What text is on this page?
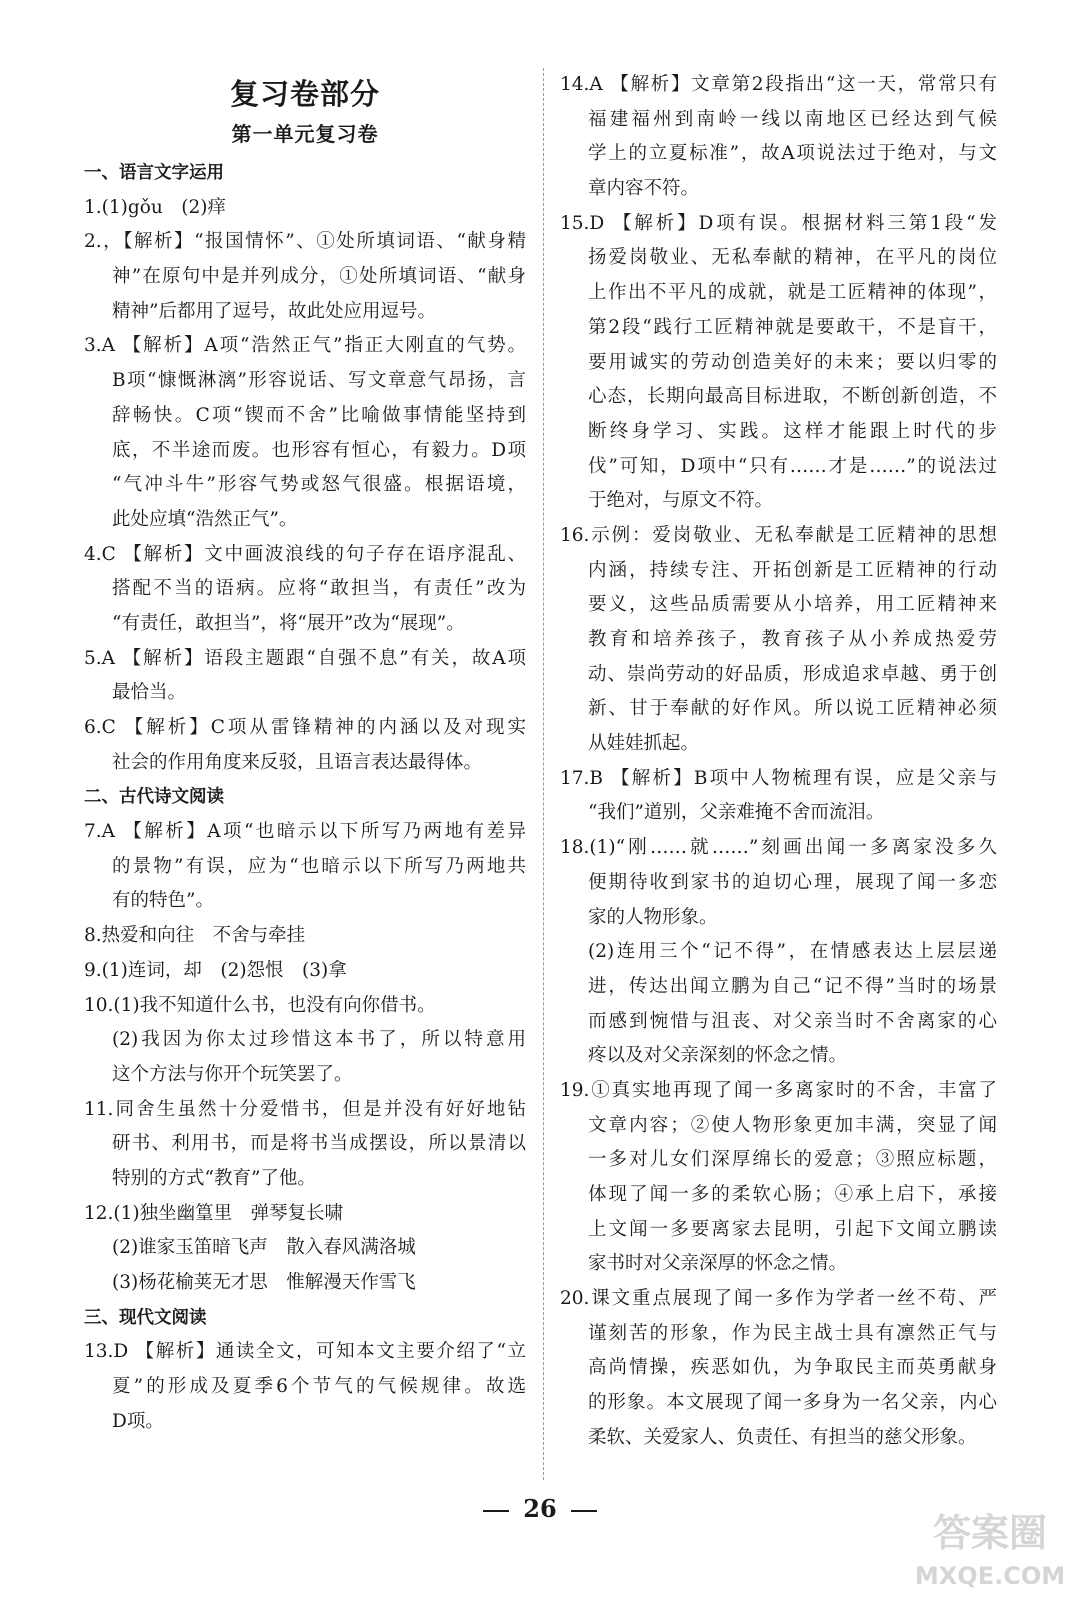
复习卷部分
第一单元复习卷
一、语言文字运用
1.(1)gǒu　(2)痒
2.，【解析】“报国情怀”、①处所填词语、“献身精
神”在原句中是并列成分，①处所填词语、“献身
精神”后都用了逗号，故此处应用逗号。
3.A 【解析】A项“浩然正气”指正大刚直的气势。
B项“慷慨淋漓”形容说话、写文章意气昂扬，言
辞畅快。C项“锲而不舍”比喻做事情能坚持到
底，不半途而废。也形容有恒心，有毅力。D项
“气冲斗牛”形容气势或怒气很盛。根据语境，
此处应填“浩然正气”。
4.C 【解析】文中画波浪线的句子存在语序混乱、
搭配不当的语病。应将“敢担当，有责任”改为
“有责任，敢担当”，将“展开”改为“展现”。
5.A 【解析】语段主题跟“自强不息”有关，故A项
最恰当。
6.C 【解析】C项从雷锋精神的内涵以及对现实
社会的作用角度来反驳，且语言表达最得体。
二、古代诗文阅读
7.A 【解析】A项“也暗示以下所写乃两地有差异
的景物”有误，应为“也暗示以下所写乃两地共
有的特色”。
8.热爱和向往　不舍与牵挂
9.(1)连词，却　(2)怨恨　(3)拿
10.(1)我不知道什么书，也没有向你借书。
(2)我因为你太过珍惜这本书了，所以特意用
这个方法与你开个玩笑罢了。
11.同舍生虽然十分爱惜书，但是并没有好好地钻
研书、利用书，而是将书当成摆设，所以景清以
特别的方式“教育”了他。
12.(1)独坐幽篁里　弹琴复长啸
(2)谁家玉笛暗飞声　散入春风满洛城
(3)杨花榆荚无才思　惟解漫天作雪飞
三、现代文阅读
13.D 【解析】通读全文，可知本文主要介绍了“立
夏”的形成及夏季6个节气的气候规律。故选
D项。
14.A 【解析】文章第2段指出“这一天，常常只有
福建福州到南岭一线以南地区已经达到气候
学上的立夏标准”，故A项说法过于绝对，与文
章内容不符。
15.D 【解析】D项有误。根据材料三第1段“发
扬爱岗敬业、无私奉献的精神，在平凡的岗位
上作出不平凡的成就，就是工匠精神的体现”，
第2段“践行工匠精神就是要敢干，不是盲干，
要用诚实的劳动创造美好的未来；要以归零的
心态，长期向最高目标进取，不断创新创造，不
断终身学习、实践。这样才能跟上时代的步
伐”可知，D项中“只有……才是……”的说法过
于绝对，与原文不符。
16.示例：爱岗敬业、无私奉献是工匠精神的思想
内涵，持续专注、开拓创新是工匠精神的行动
要义，这些品质需要从小培养，用工匠精神来
教育和培养孩子，教育孩子从小养成热爱劳
动、崇尚劳动的好品质，形成追求卓越、勇于创
新、甘于奉献的好作风。所以说工匠精神必须
从娃娃抓起。
17.B 【解析】B项中人物梳理有误，应是父亲与
“我们”道别，父亲难掩不舍而流泪。
18.(1)“刚……就……”刻画出闻一多离家没多久
便期待收到家书的迫切心理，展现了闻一多恋
家的人物形象。
(2)连用三个“记不得”，在情感表达上层层递
进，传达出闻立鹏为自己“记不得”当时的场景
而感到惋惜与沮丧、对父亲当时不舍离家的心
疼以及对父亲深刻的怀念之情。
19.①真实地再现了闻一多离家时的不舍，丰富了
文章内容；②使人物形象更加丰满，突显了闻
一多对儿女们深厚绵长的爱意；③照应标题，
体现了闻一多的柔软心肠；④承上启下，承接
上文闻一多要离家去昆明，引起下文闻立鹏读
家书时对父亲深厚的怀念之情。
20.课文重点展现了闻一多作为学者一丝不苟、严
谨刻苦的形象，作为民主战士具有凛然正气与
高尚情操，疾恶如仇，为争取民主而英勇献身
的形象。本文展现了闻一多身为一名父亲，内心
柔软、关爱家人、负责任、有担当的慈父形象。
26
答案圈
MXQE.COM
